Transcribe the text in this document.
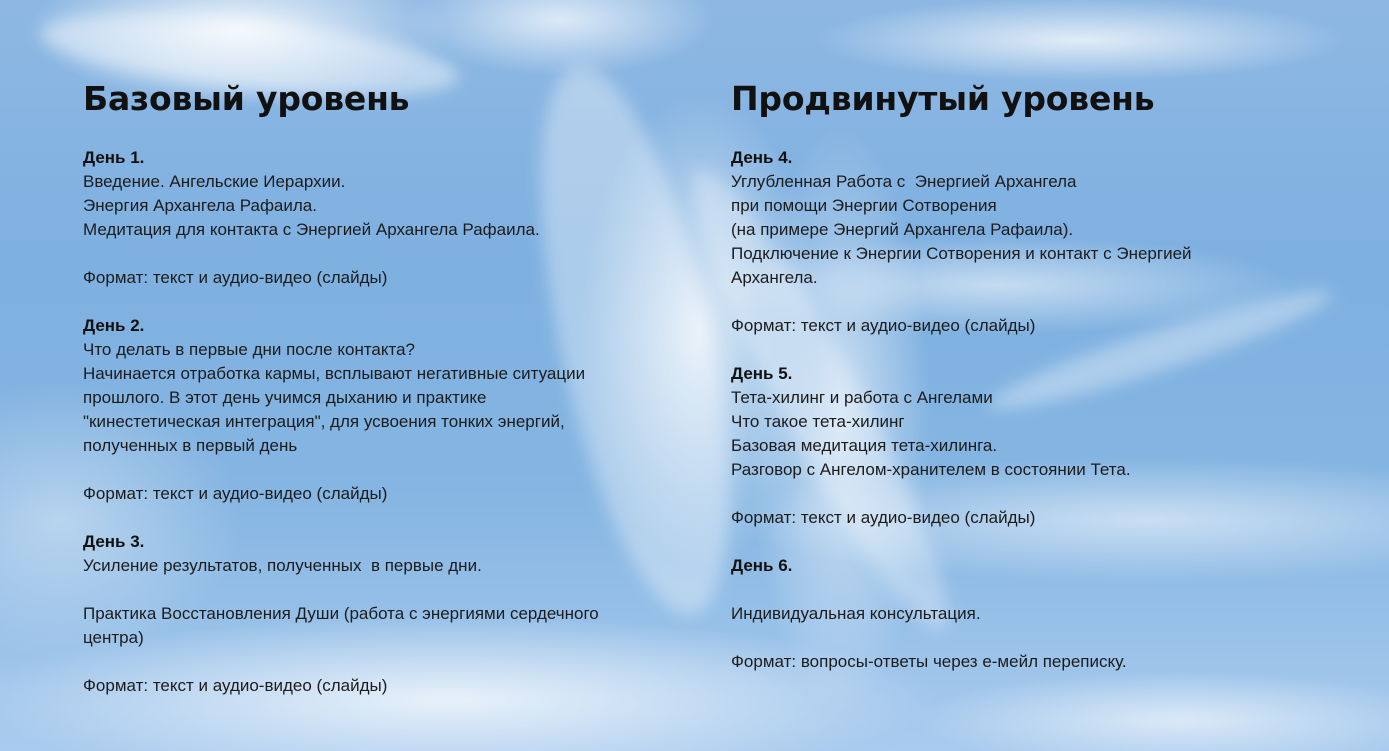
Базовый уровень
День 1.
Введение. Ангельские Иерархии.
Энергия Архангела Рафаила.
Медитация для контакта с Энергией Архангела Рафаила.
Формат: текст и аудио-видео (слайды)
День 2.
Что делать в первые дни после контакта?
Начинается отработка кармы, всплывают негативные ситуации
прошлого. В этот день учимся дыханию и практике
"кинестетическая интеграция", для усвоения тонких энергий,
полученных в первый день
Формат: текст и аудио-видео (слайды)
День 3.
Усиление результатов, полученных  в первые дни.
Практика Восстановления Души (работа с энергиями сердечного
центра)
Формат: текст и аудио-видео (слайды)
Продвинутый уровень
День 4.
Углубленная Работа с  Энергией Архангела
при помощи Энергии Сотворения
(на примере Энергий Архангела Рафаила).
Подключение к Энергии Сотворения и контакт с Энергией
Архангела.
Формат: текст и аудио-видео (слайды)
День 5.
Тета-хилинг и работа с Ангелами
Что такое тета-хилинг
Базовая медитация тета-хилинга.
Разговор с Ангелом-хранителем в состоянии Тета.
Формат: текст и аудио-видео (слайды)
День 6.
Индивидуальная консультация.
Формат: вопросы-ответы через е-мейл переписку.
